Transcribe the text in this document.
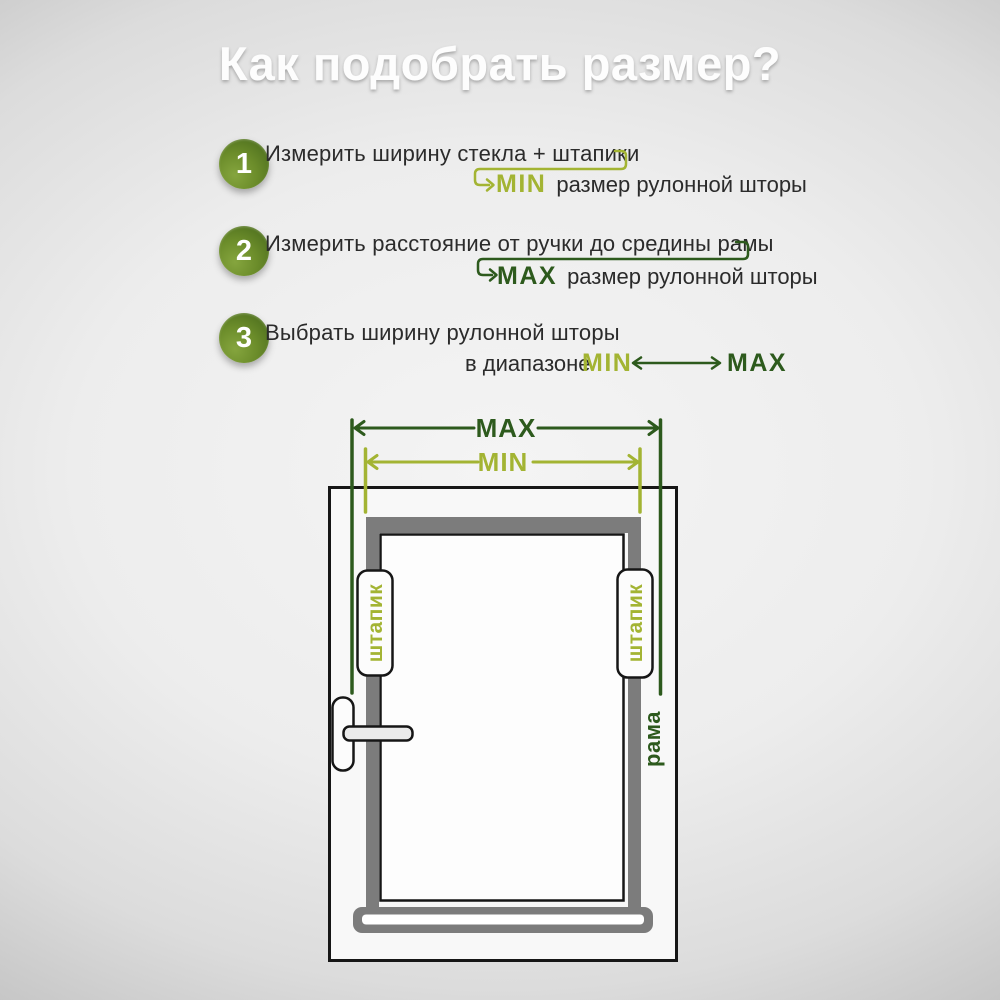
Как подобрать размер?
1
2
3

Измерить ширину стекла + штапики

Измерить расстояние от ручки до средины рамы

Выбрать ширину рулонной шторы

MIN размер рулонной шторы
MAX размер рулонной шторы
в диапазоне
MIN	MAX
MAX
MIN
штапик	штапик
рама
